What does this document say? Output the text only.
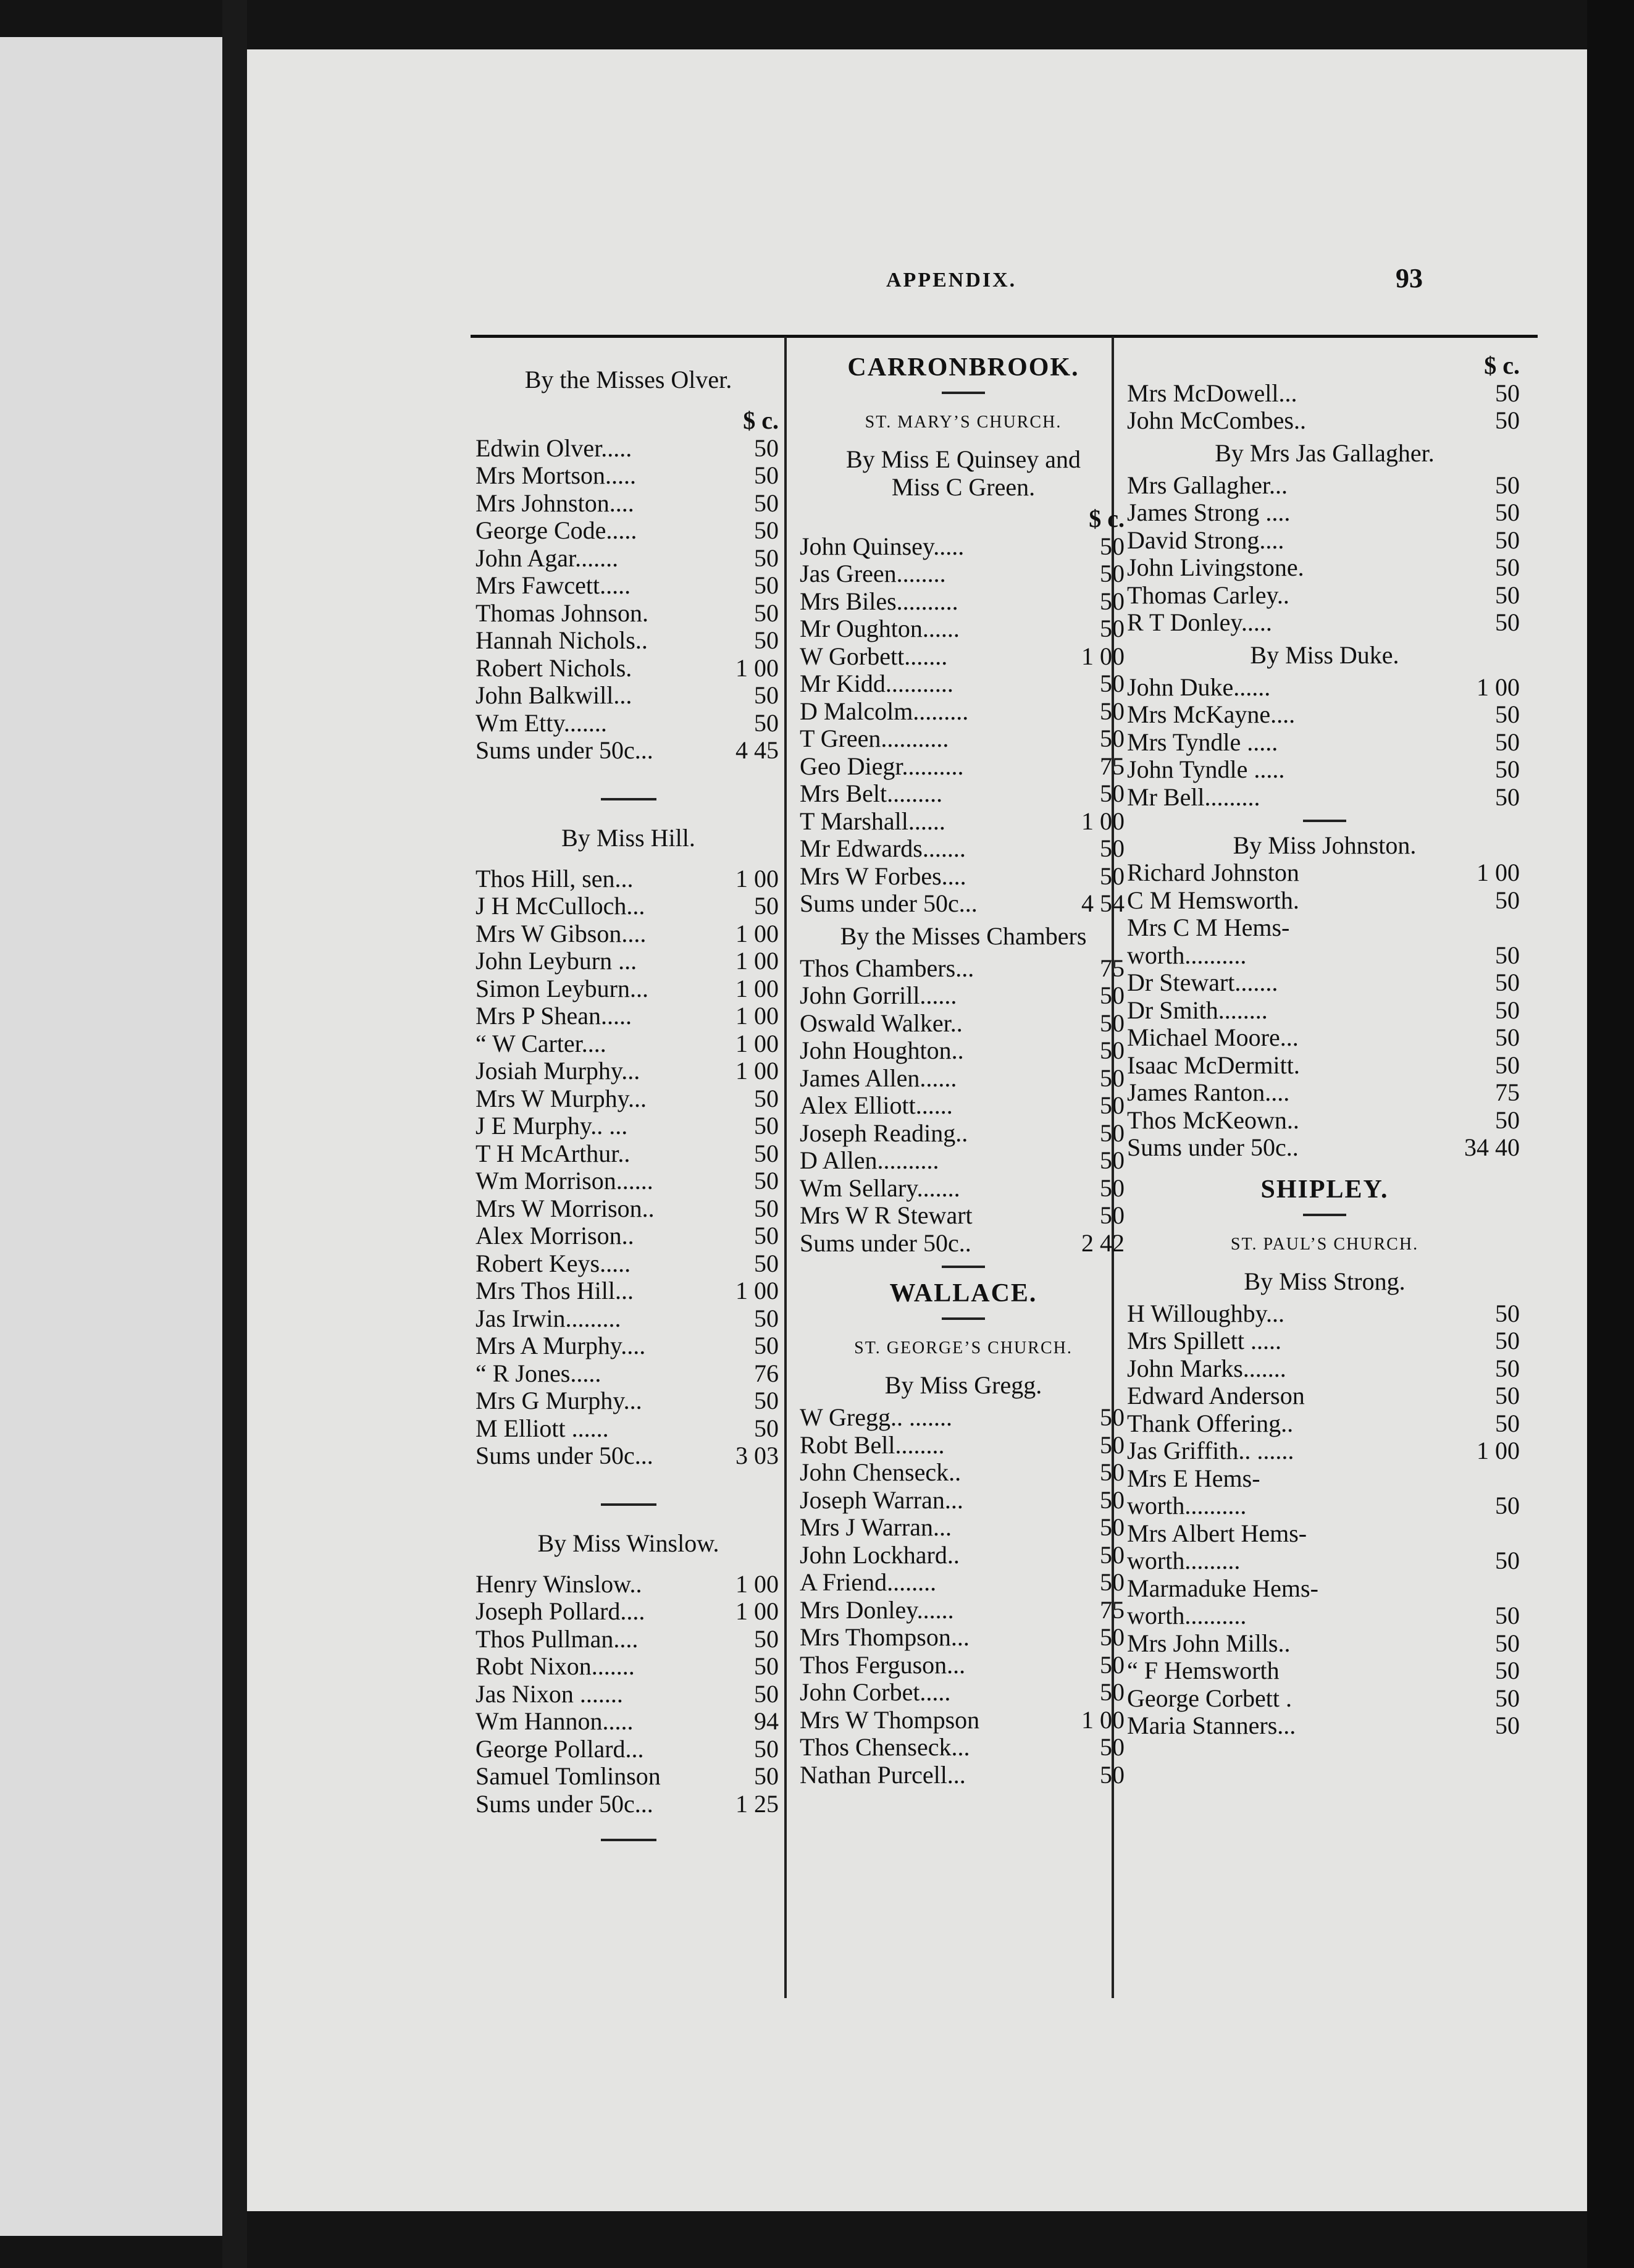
APPENDIX.	93
By the Misses Olver.
$ c.
Edwin Olver.....	50
Mrs Mortson.....	50
Mrs Johnston....	50
George Code.....	50
John Agar.......	50
Mrs Fawcett.....	50
Thomas Johnson.	50
Hannah Nichols..	50
Robert Nichols.	1 00
John Balkwill...	50
Wm Etty.......	50
Sums under 50c...	4 45
By Miss Hill.
Thos Hill, sen...	1 00
J H McCulloch...	50
Mrs W Gibson....	1 00
John Leyburn ...	1 00
Simon Leyburn...	1 00
Mrs P Shean.....	1 00
“ W Carter....	1 00
Josiah Murphy...	1 00
Mrs W Murphy...	50
J E Murphy.. ...	50
T H McArthur..	50
Wm Morrison......	50
Mrs W Morrison..	50
Alex Morrison..	50
Robert Keys.....	50
Mrs Thos Hill...	1 00
Jas Irwin.........	50
Mrs A Murphy....	50
“ R Jones.....	76
Mrs G Murphy...	50
M Elliott ......	50
Sums under 50c...	3 03
By Miss Winslow.
Henry Winslow..	1 00
Joseph Pollard....	1 00
Thos Pullman....	50
Robt Nixon.......	50
Jas Nixon .......	50
Wm Hannon.....	94
George Pollard...	50
Samuel Tomlinson	50
Sums under 50c...	1 25
CARRONBROOK.
ST. MARY’S CHURCH.
By Miss E Quinsey and
Miss C Green.
$ c.
John Quinsey.....	50
Jas Green........	50
Mrs Biles..........	50
Mr Oughton......	50
W Gorbett.......	1 00
Mr Kidd...........	50
D Malcolm.........	50
T Green...........	50
Geo Diegr..........	75
Mrs Belt.........	50
T Marshall......	1 00
Mr Edwards.......	50
Mrs W Forbes....	50
Sums under 50c...	4 54
By the Misses Chambers
Thos Chambers...	75
John Gorrill......	50
Oswald Walker..	50
John Houghton..	50
James Allen......	50
Alex Elliott......	50
Joseph Reading..	50
D Allen..........	50
Wm Sellary.......	50
Mrs W R Stewart	50
Sums under 50c..	2 42
WALLACE.
ST. GEORGE’S CHURCH.
By Miss Gregg.
W Gregg.. .......	50
Robt Bell........	50
John Chenseck..	50
Joseph Warran...	50
Mrs J Warran...	50
John Lockhard..	50
A Friend........	50
Mrs Donley......	75
Mrs Thompson...	50
Thos Ferguson...	50
John Corbet.....	50
Mrs W Thompson	1 00
Thos Chenseck...	50
Nathan Purcell...	50
$ c.
Mrs McDowell...	50
John McCombes..	50
By Mrs Jas Gallagher.
Mrs Gallagher...	50
James Strong ....	50
David Strong....	50
John Livingstone.	50
Thomas Carley..	50
R T Donley.....	50
By Miss Duke.
John Duke......	1 00
Mrs McKayne....	50
Mrs Tyndle .....	50
John Tyndle .....	50
Mr Bell.........	50
By Miss Johnston.
Richard Johnston	1 00
C M Hemsworth.	50
Mrs C M Hems-
worth..........	50
Dr Stewart.......	50
Dr Smith........	50
Michael Moore...	50
Isaac McDermitt.	50
James Ranton....	75
Thos McKeown..	50
Sums under 50c..	34 40
SHIPLEY.
ST. PAUL’S CHURCH.
By Miss Strong.
H Willoughby...	50
Mrs Spillett .....	50
John Marks.......	50
Edward Anderson	50
Thank Offering..	50
Jas Griffith.. ......	1 00
Mrs E Hems-
worth..........	50
Mrs Albert Hems-
worth.........	50
Marmaduke Hems-
worth..........	50
Mrs John Mills..	50
“ F Hemsworth	50
George Corbett .	50
Maria Stanners...	50
